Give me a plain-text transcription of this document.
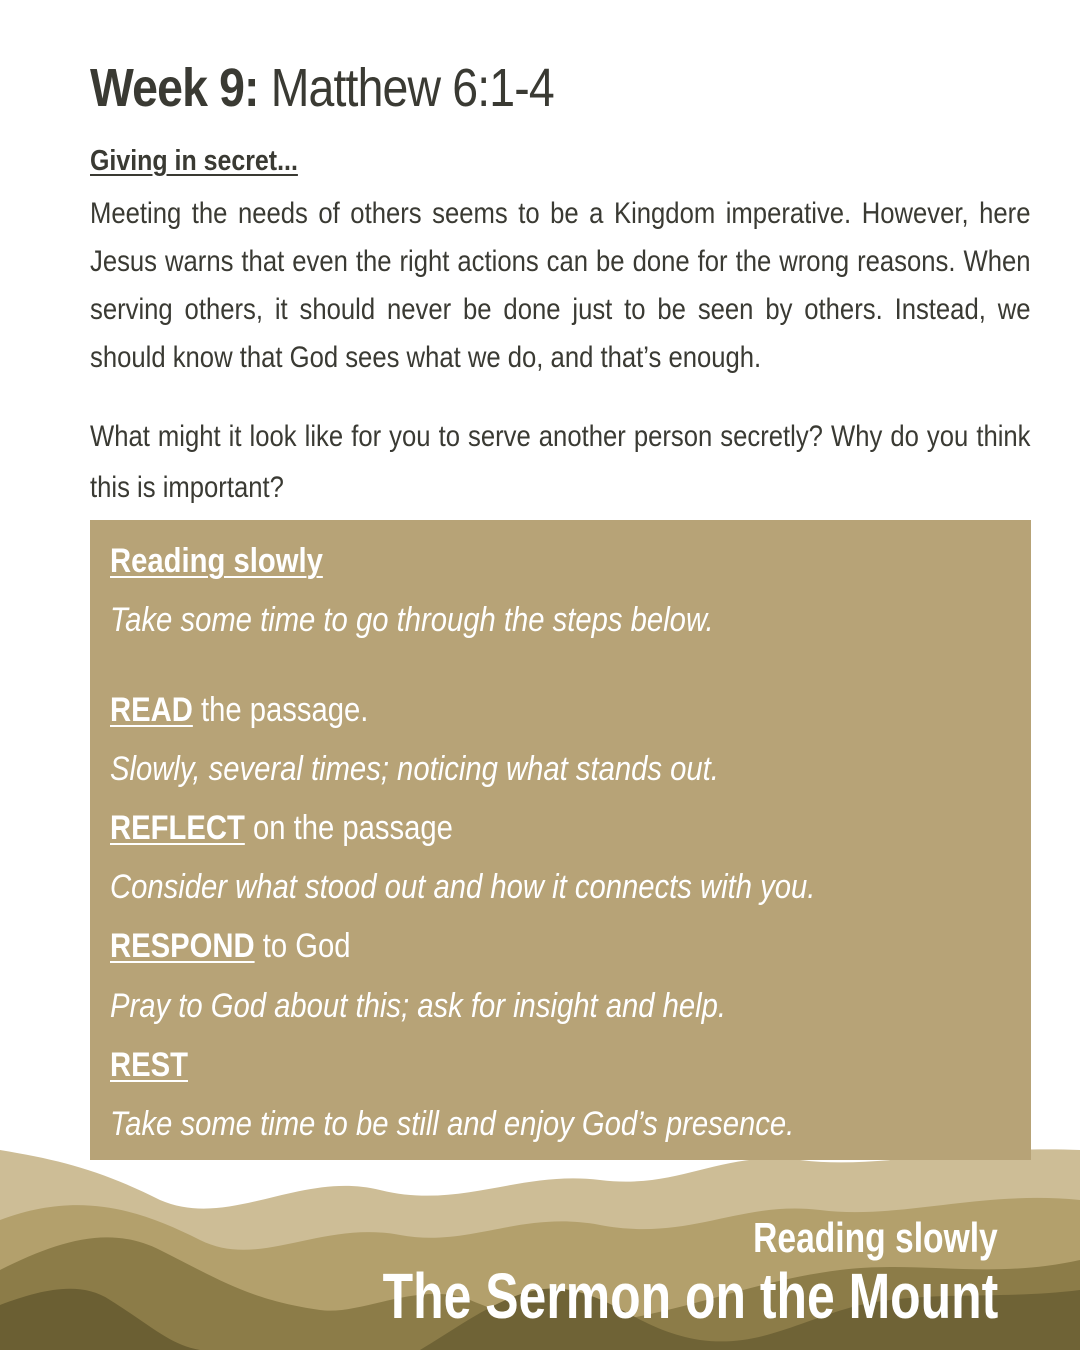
Week 9: Matthew 6:1-4
Giving in secret...
Meeting the needs of others seems to be a Kingdom imperative. However, here Jesus warns that even the right actions can be done for the wrong reasons. When serving others, it should never be done just to be seen by others. Instead, we should know that God sees what we do, and that’s enough.
What might it look like for you to serve another person secretly? Why do you think this is important?
Reading slowly
Take some time to go through the steps below.
READ the passage.
Slowly, several times; noticing what stands out.
REFLECT on the passage
Consider what stood out and how it connects with you.
RESPOND to God
Pray to God about this; ask for insight and help.
REST
Take some time to be still and enjoy God’s presence.
Reading slowly
The Sermon on the Mount
